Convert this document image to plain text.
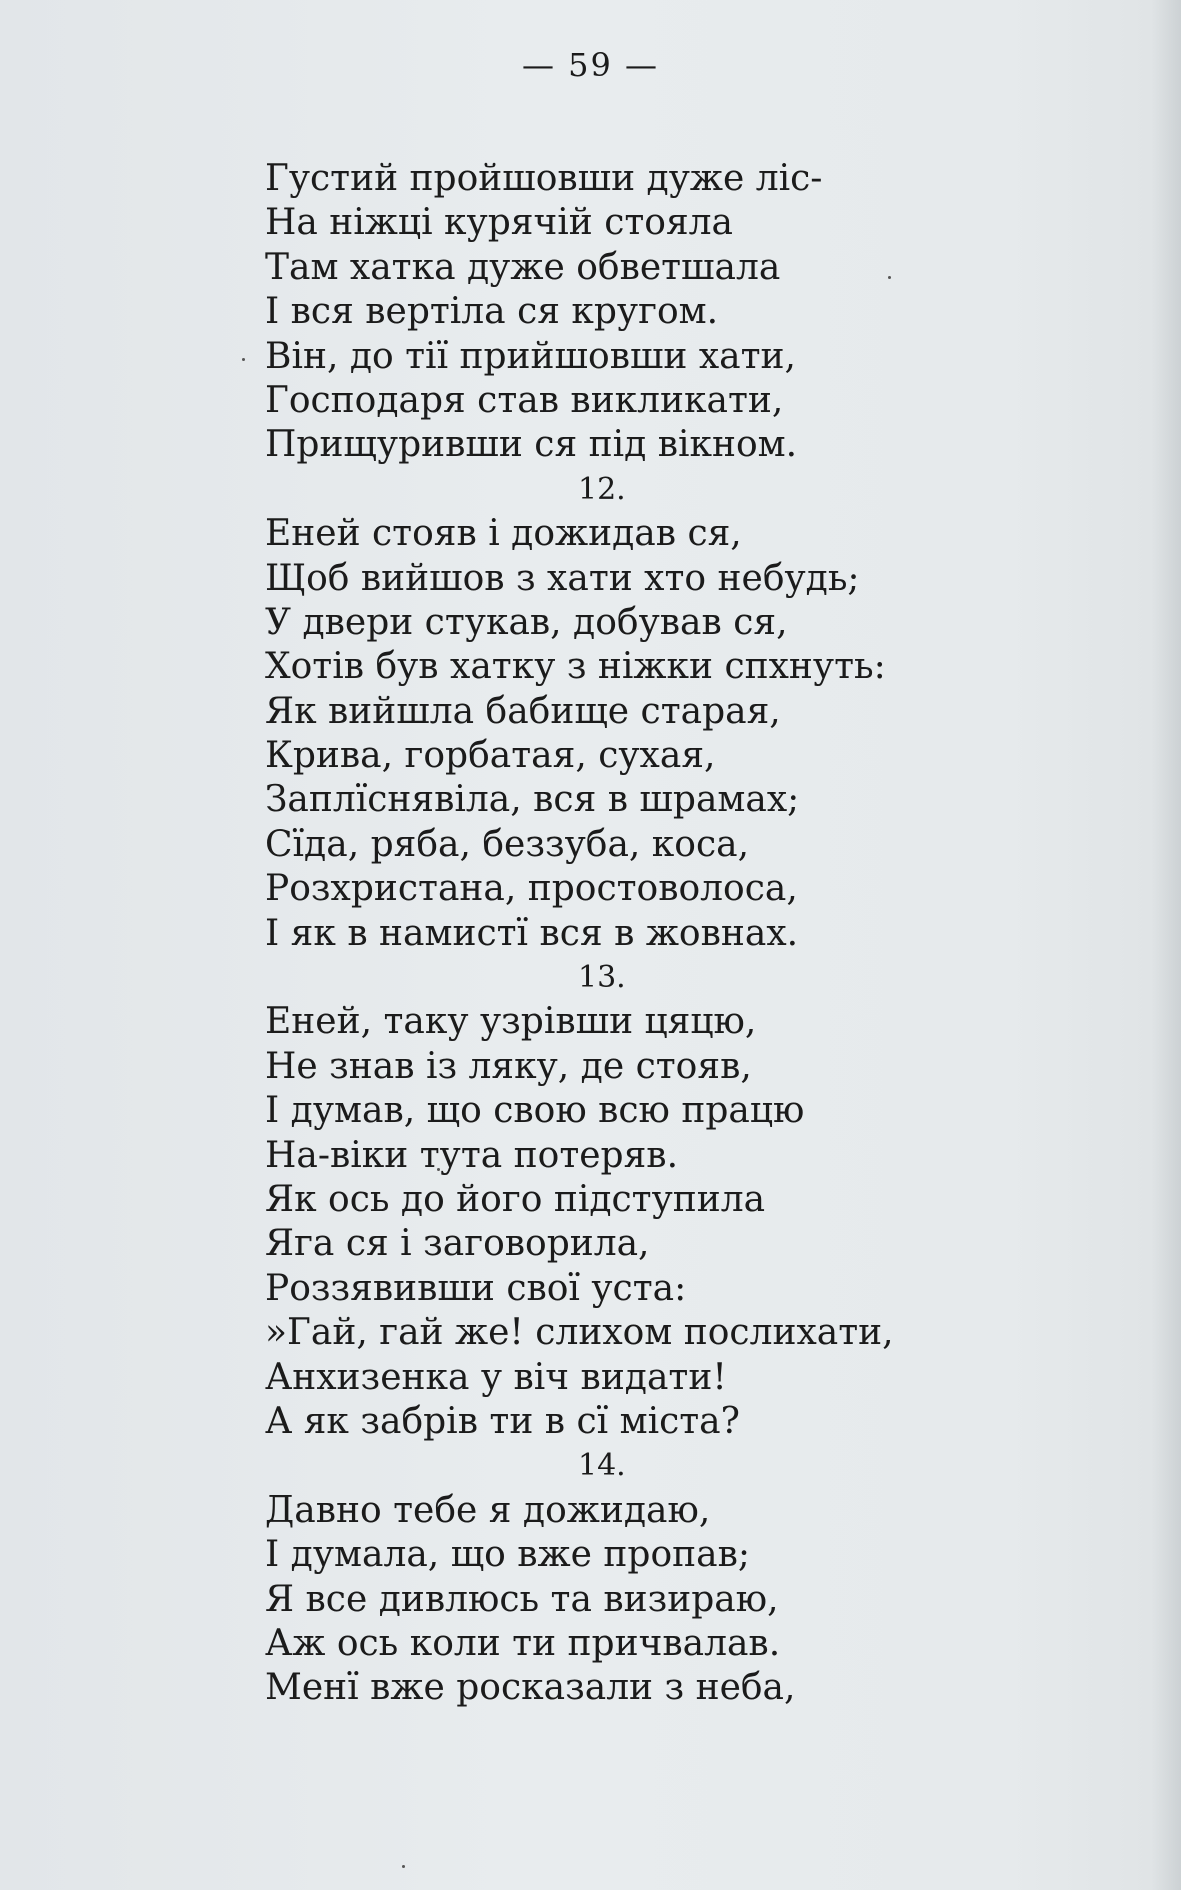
— 59 —
Густий пройшовши дуже ліс-
На ніжці курячій стояла
Там хатка дуже обветшала
І вся вертіла ся кругом.
Він, до тії прийшовши хати,
Господаря став викликати,
Прищуривши ся під вікном.
12.
Еней стояв і дожидав ся,
Щоб вийшов з хати хто небудь;
У двери стукав, добував ся,
Хотів був хатку з ніжки спхнуть:
Як вийшла бабище старая,
Крива, горбатая, сухая,
Заплїснявіла, вся в шрамах;
Сїда, ряба, беззуба, коса,
Розхристана, простоволоса,
І як в намистї вся в жовнах.
13.
Еней, таку узрівши цяцю,
Не знав із ляку, де стояв,
І думав, що свою всю працю
На-віки тута потеряв.
Як ось до його підступила
Яга ся і заговорила,
Роззявивши свої уста:
»Гай, гай же! слихом послихати,
Анхизенка у віч видати!
А як забрів ти в сї міста?
14.
Давно тебе я дожидаю,
І думала, що вже пропав;
Я все дивлюсь та визираю,
Аж ось коли ти причвалав.
Менї вже росказали з неба,
